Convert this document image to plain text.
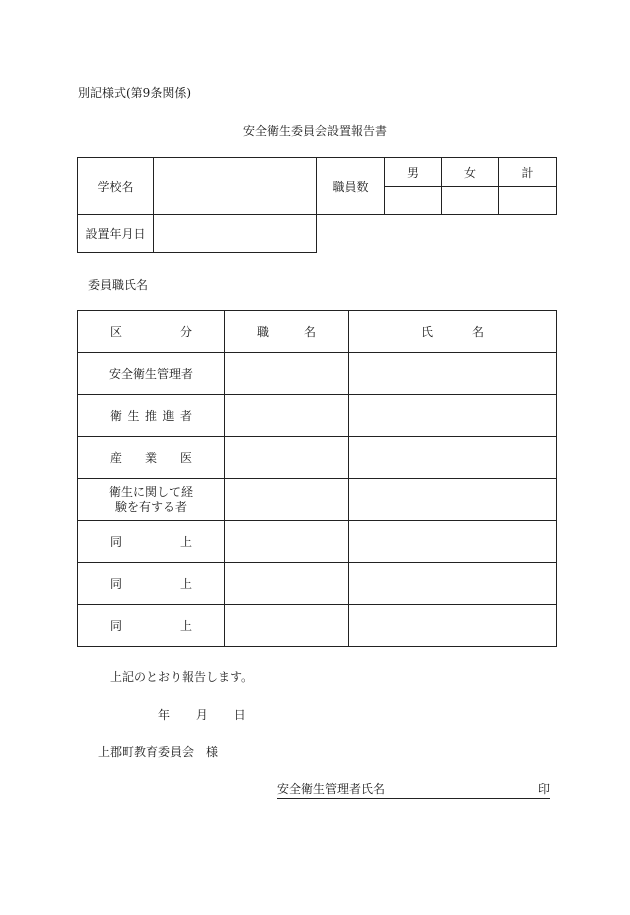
別記様式(第9条関係)
安全衛生委員会設置報告書
学校名		職員数	男	女	計

設置年月日					
委員職氏名
区 分	職 名	氏 名

安全衛生管理者		

衛 生 推 進 者		

産 業 医		

衛生に関して経
験を有する者		

同 上		

同 上		

同 上		

上記のとおり報告します。
年 月 日
上郡町教育委員会　様
安全衛生管理者氏名	印
